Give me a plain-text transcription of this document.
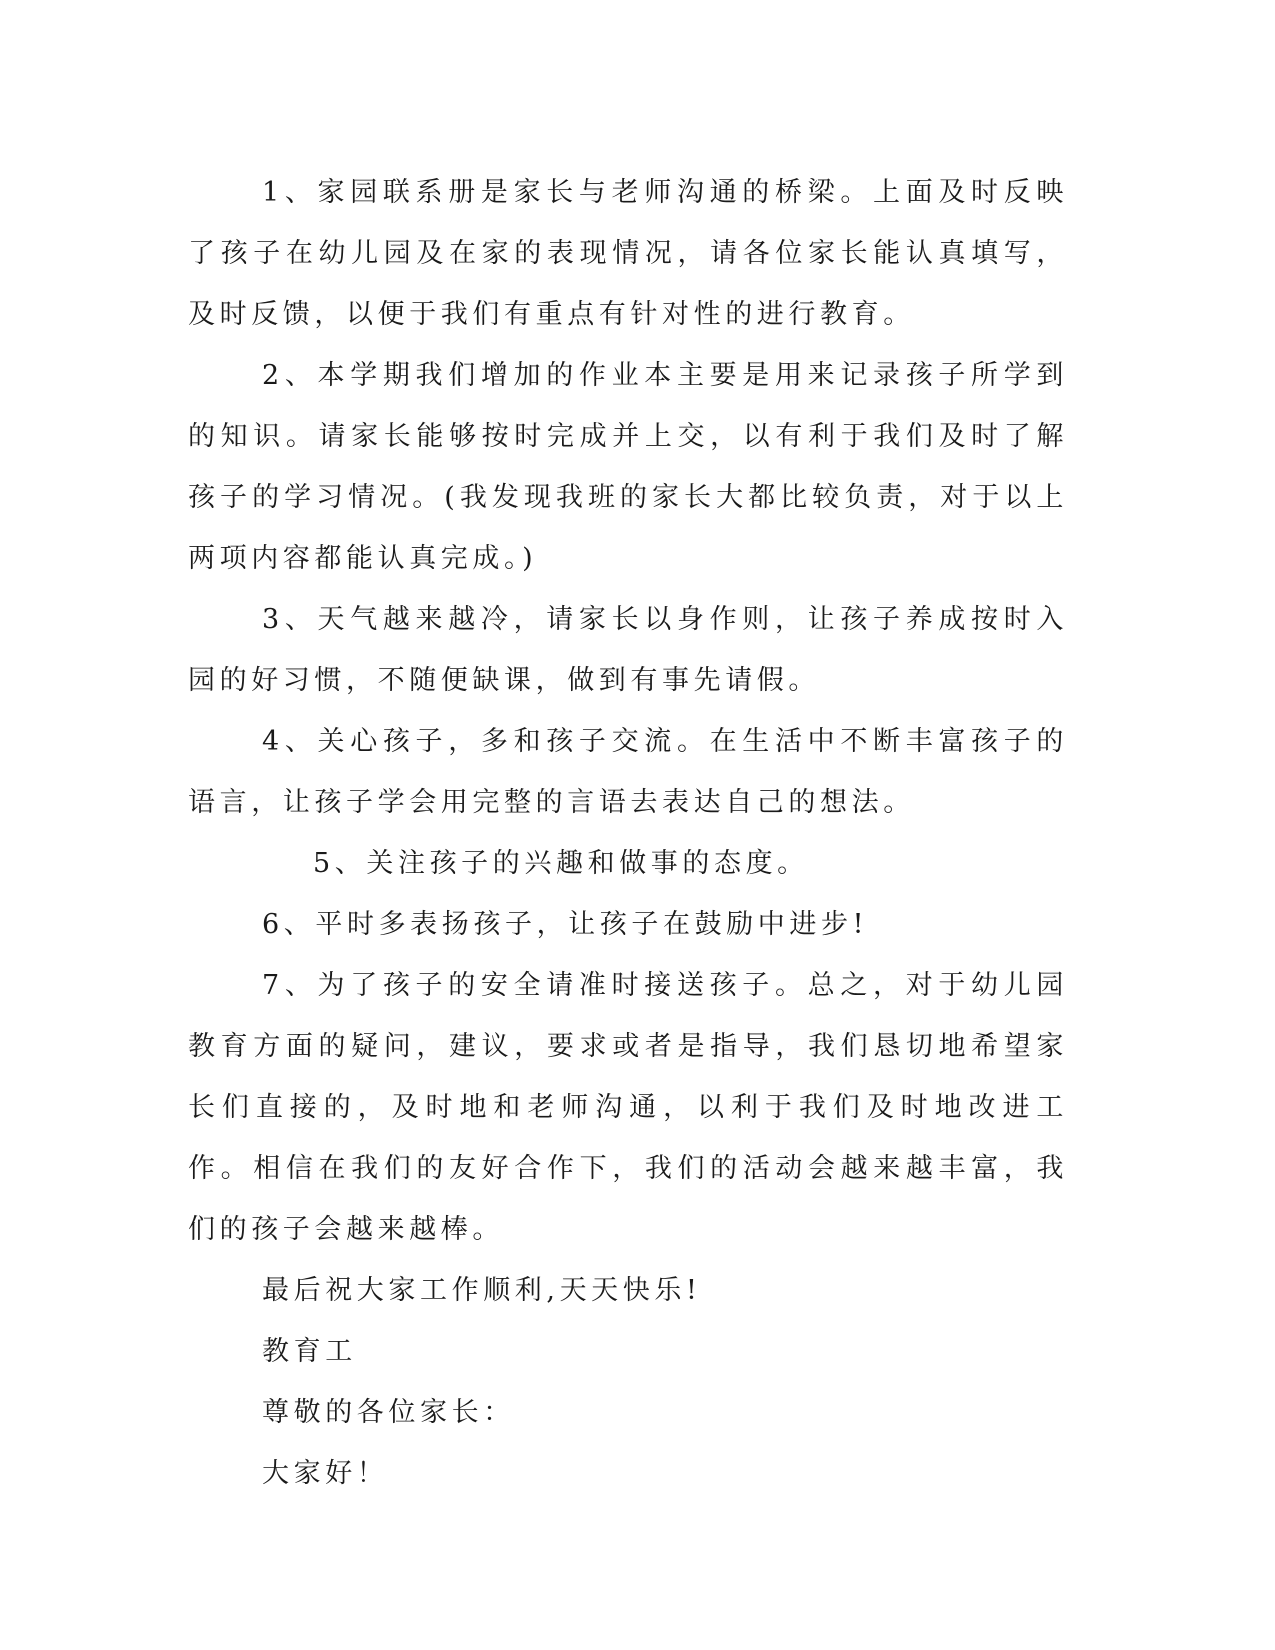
1、家园联系册是家长与老师沟通的桥梁。上面及时反映了孩子在幼儿园及在家的表现情况，请各位家长能认真填写，及时反馈，以便于我们有重点有针对性的进行教育。

2、本学期我们增加的作业本主要是用来记录孩子所学到的知识。请家长能够按时完成并上交，以有利于我们及时了解孩子的学习情况。(我发现我班的家长大都比较负责，对于以上两项内容都能认真完成。)

3、天气越来越冷，请家长以身作则，让孩子养成按时入园的好习惯，不随便缺课，做到有事先请假。

4、关心孩子，多和孩子交流。在生活中不断丰富孩子的语言，让孩子学会用完整的言语去表达自己的想法。

5、关注孩子的兴趣和做事的态度。

6、平时多表扬孩子，让孩子在鼓励中进步!

7、为了孩子的安全请准时接送孩子。总之，对于幼儿园教育方面的疑问，建议，要求或者是指导，我们恳切地希望家长们直接的，及时地和老师沟通，以利于我们及时地改进工作。相信在我们的友好合作下，我们的活动会越来越丰富，我们的孩子会越来越棒。

最后祝大家工作顺利,天天快乐!

教育工

尊敬的各位家长：

大家好！
